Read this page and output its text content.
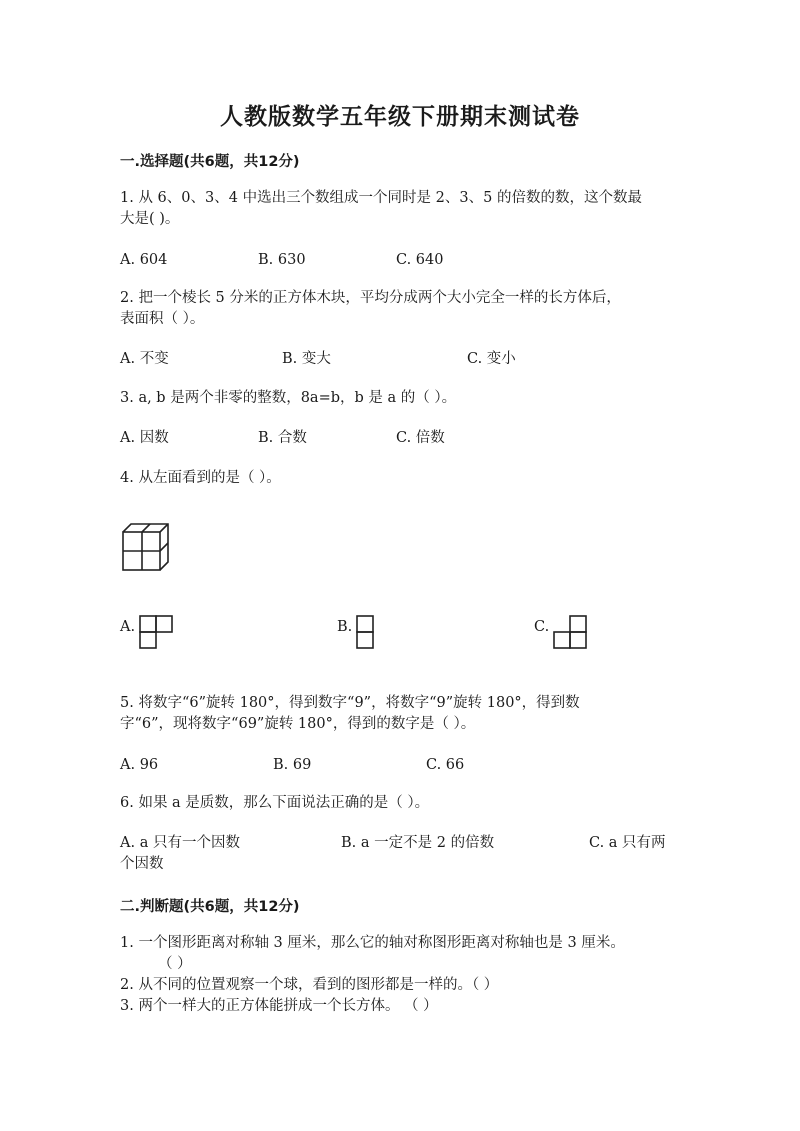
人教版数学五年级下册期末测试卷
一.选择题(共6题，共12分)
1. 从 6、0、3、4 中选出三个数组成一个同时是 2、3、5 的倍数的数，这个数最
大是( )。
A. 604	B. 630	C. 640
2. 把一个棱长 5 分米的正方体木块，平均分成两个大小完全一样的长方体后，
表面积（ ）。
A. 不变	B. 变大	C. 变小
3. a, b 是两个非零的整数，8a=b，b 是 a 的（ ）。
A. 因数	B. 合数	C. 倍数
4. 从左面看到的是（ ）。
A.	B.	C.
5. 将数字“6”旋转 180°，得到数字“9”，将数字“9”旋转 180°，得到数
字“6”，现将数字“69”旋转 180°，得到的数字是（ ）。
A. 96	B. 69	C. 66
6. 如果 a 是质数，那么下面说法正确的是（ ）。
A. a 只有一个因数	B. a 一定不是 2 的倍数	C. a 只有两
个因数
二.判断题(共6题，共12分)
1. 一个图形距离对称轴 3 厘米，那么它的轴对称图形距离对称轴也是 3 厘米。
（ ）
2. 从不同的位置观察一个球，看到的图形都是一样的。（ ）
3. 两个一样大的正方体能拼成一个长方体。 （ ）
